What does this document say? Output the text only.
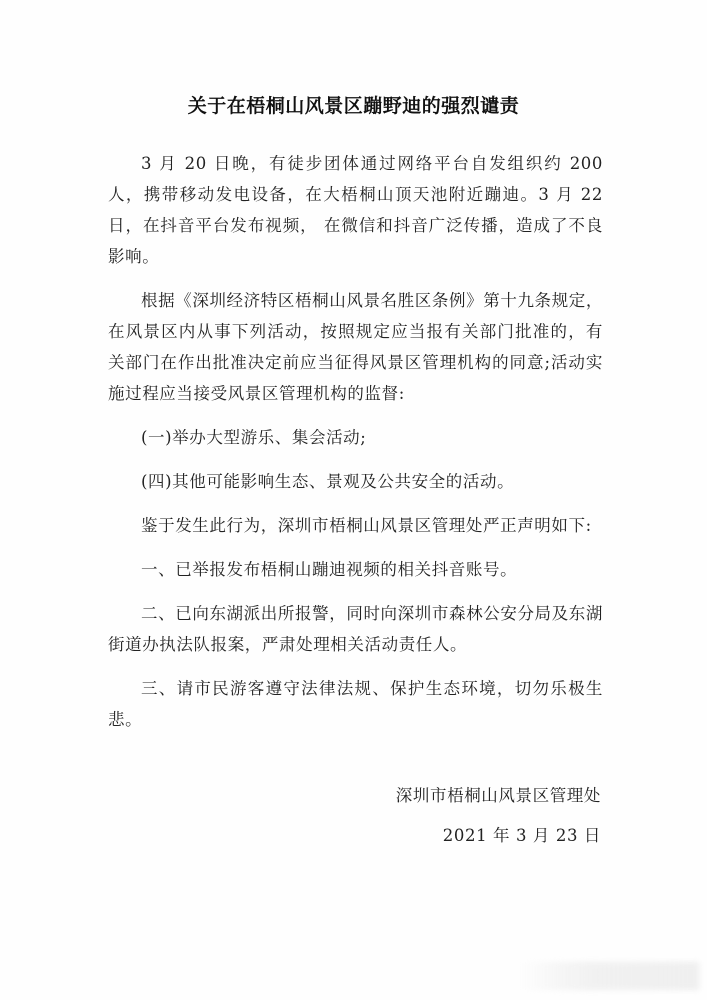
关于在梧桐山风景区蹦野迪的强烈谴责

3 月 20 日晚，有徒步团体通过网络平台自发组织约 200 人，携带移动发电设备，在大梧桐山顶天池附近蹦迪。3 月 22 日，在抖音平台发布视频， 在微信和抖音广泛传播，造成了不良影响。

根据《深圳经济特区梧桐山风景名胜区条例》第十九条规定，在风景区内从事下列活动，按照规定应当报有关部门批准的，有关部门在作出批准决定前应当征得风景区管理机构的同意;活动实施过程应当接受风景区管理机构的监督:

(一)举办大型游乐、集会活动;

(四)其他可能影响生态、景观及公共安全的活动。

鉴于发生此行为，深圳市梧桐山风景区管理处严正声明如下:

一、已举报发布梧桐山蹦迪视频的相关抖音账号。

二、已向东湖派出所报警，同时向深圳市森林公安分局及东湖街道办执法队报案，严肃处理相关活动责任人。

三、请市民游客遵守法律法规、保护生态环境，切勿乐极生悲。

深圳市梧桐山风景区管理处
2021 年 3 月 23 日
